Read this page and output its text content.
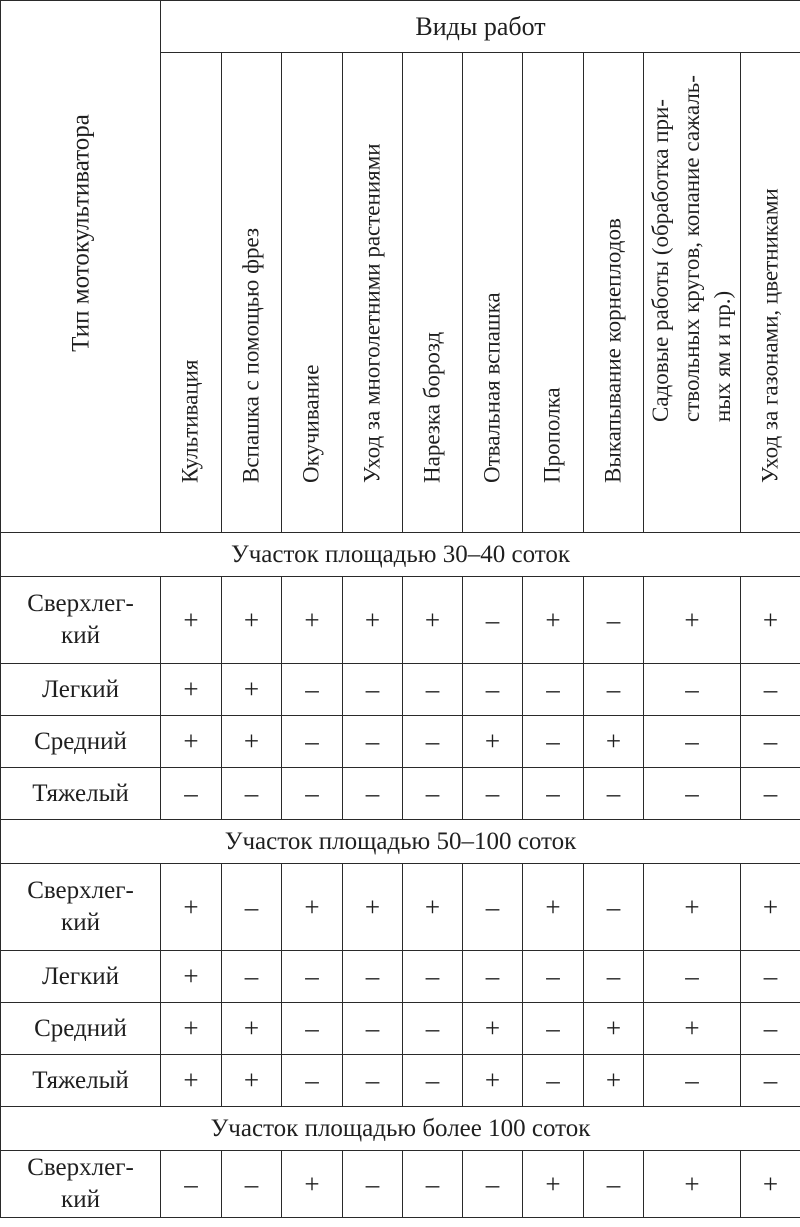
Тип мотокультиватора	Виды работ									

	Культивация	Вспашка с помощью фрез	Окучивание	Уход за многолетними растениями	Нарезка борозд	Отвальная вспашка	Прополка	Выкапывание корнеплодов	Садовые работы (обработка при-
ствольных кругов, копание сажаль-
ных ям и пр.)	Уход за газонами, цветниками

Участок площадью 30–40 соток										
Сверхлег-
кий	+	+	+	+	+	–	+	–	+	+
Легкий	+	+	–	–	–	–	–	–	–	–
Средний	+	+	–	–	–	+	–	+	–	–
Тяжелый	–	–	–	–	–	–	–	–	–	–
Участок площадью 50–100 соток										
Сверхлег-
кий	+	–	+	+	+	–	+	–	+	+
Легкий	+	–	–	–	–	–	–	–	–	–
Средний	+	+	–	–	–	+	–	+	+	–
Тяжелый	+	+	–	–	–	+	–	+	–	–
Участок площадью более 100 соток										
Сверхлег-
кий	–	–	+	–	–	–	+	–	+	+
